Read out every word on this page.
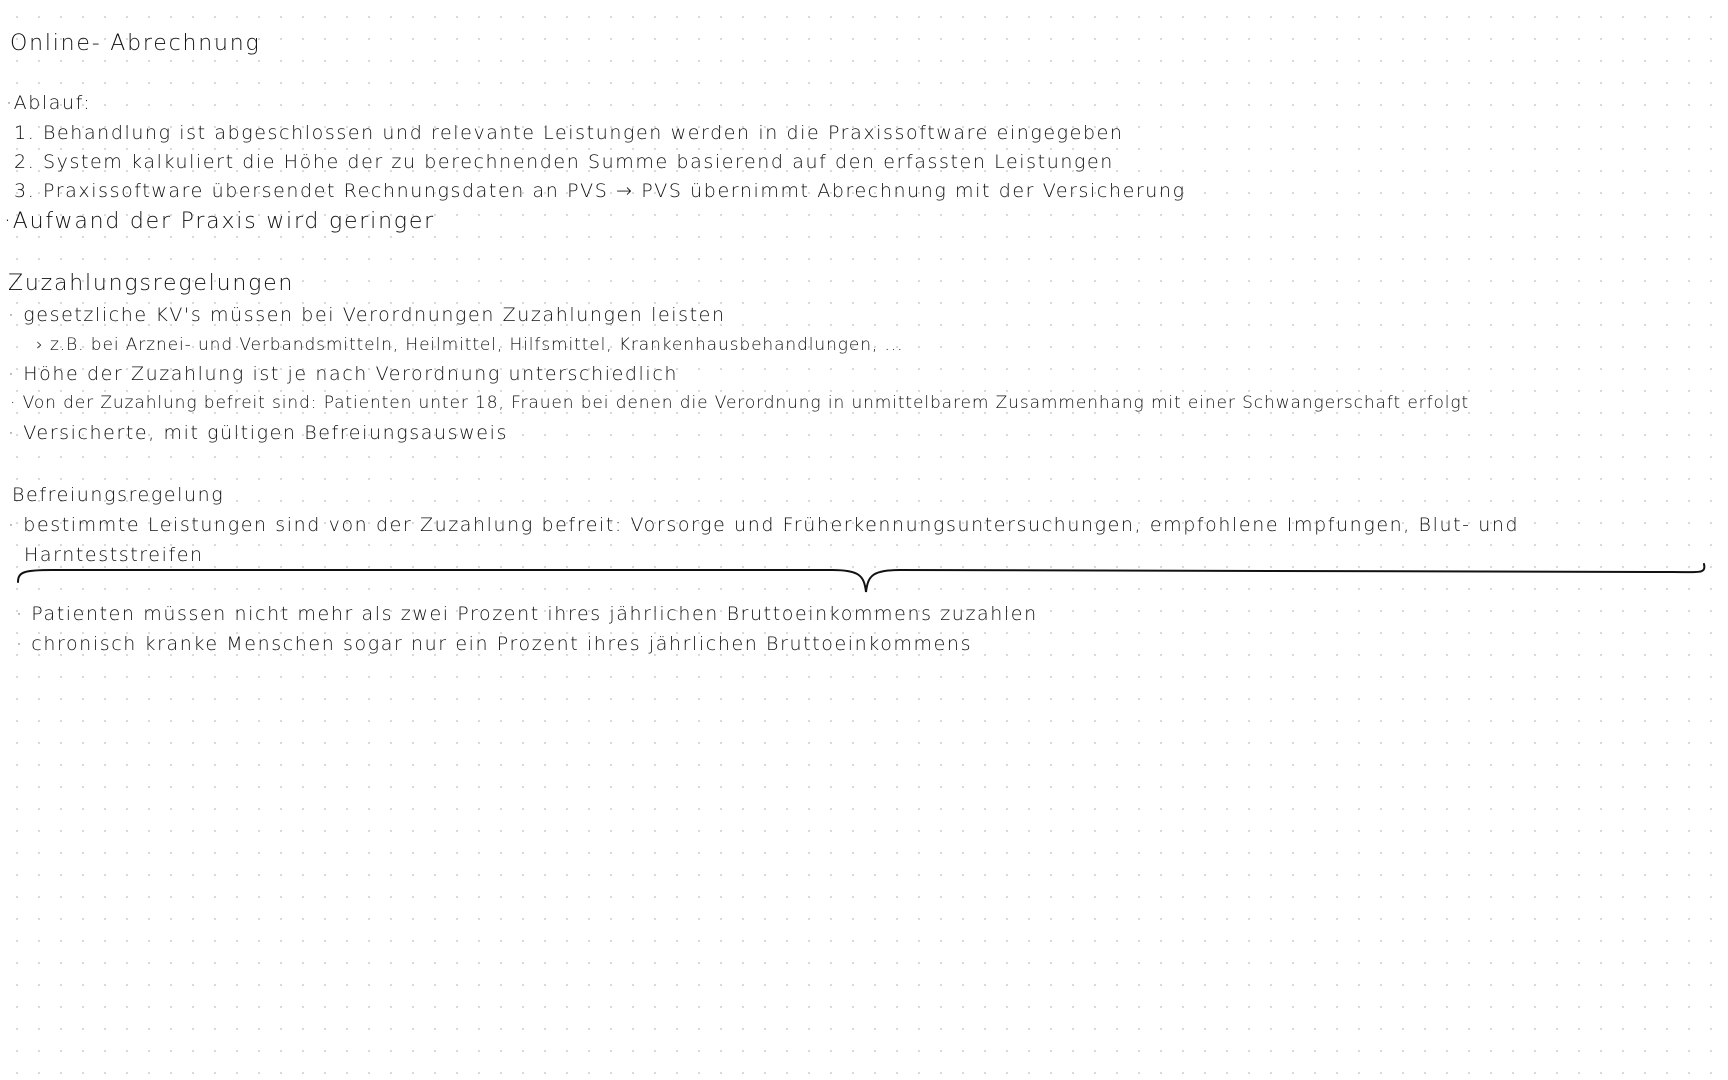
Online- Abrechnung
·Ablauf:
1. Behandlung ist abgeschlossen und relevante Leistungen werden in die Praxissoftware eingegeben
2. System kalkuliert die Höhe der zu berechnenden Summe basierend auf den erfassten Leistungen
3. Praxissoftware übersendet Rechnungsdaten an PVS → PVS übernimmt Abrechnung mit der Versicherung
·Aufwand der Praxis wird geringer
Zuzahlungsregelungen
· gesetzliche KV's müssen bei Verordnungen Zuzahlungen leisten
› z.B. bei Arznei- und Verbandsmitteln, Heilmittel, Hilfsmittel, Krankenhausbehandlungen, ...
· Höhe der Zuzahlung ist je nach Verordnung unterschiedlich
· Von der Zuzahlung befreit sind: Patienten unter 18, Frauen bei denen die Verordnung in unmittelbarem Zusammenhang mit einer Schwangerschaft erfolgt
· Versicherte, mit gültigen Befreiungsausweis
Befreiungsregelung
· bestimmte Leistungen sind von der Zuzahlung befreit: Vorsorge und Früherkennungsuntersuchungen, empfohlene Impfungen, Blut- und
Harnteststreifen
· Patienten müssen nicht mehr als zwei Prozent ihres jährlichen Bruttoeinkommens zuzahlen
· chronisch kranke Menschen sogar nur ein Prozent ihres jährlichen Bruttoeinkommens
